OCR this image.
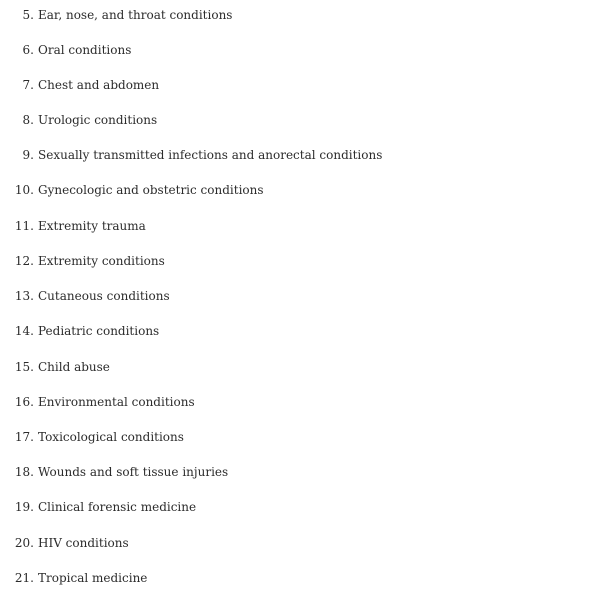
5. Ear, nose, and throat conditions
6. Oral conditions
7. Chest and abdomen
8. Urologic conditions
9. Sexually transmitted infections and anorectal conditions
10. Gynecologic and obstetric conditions
11. Extremity trauma
12. Extremity conditions
13. Cutaneous conditions
14. Pediatric conditions
15. Child abuse
16. Environmental conditions
17. Toxicological conditions
18. Wounds and soft tissue injuries
19. Clinical forensic medicine
20. HIV conditions
21. Tropical medicine
